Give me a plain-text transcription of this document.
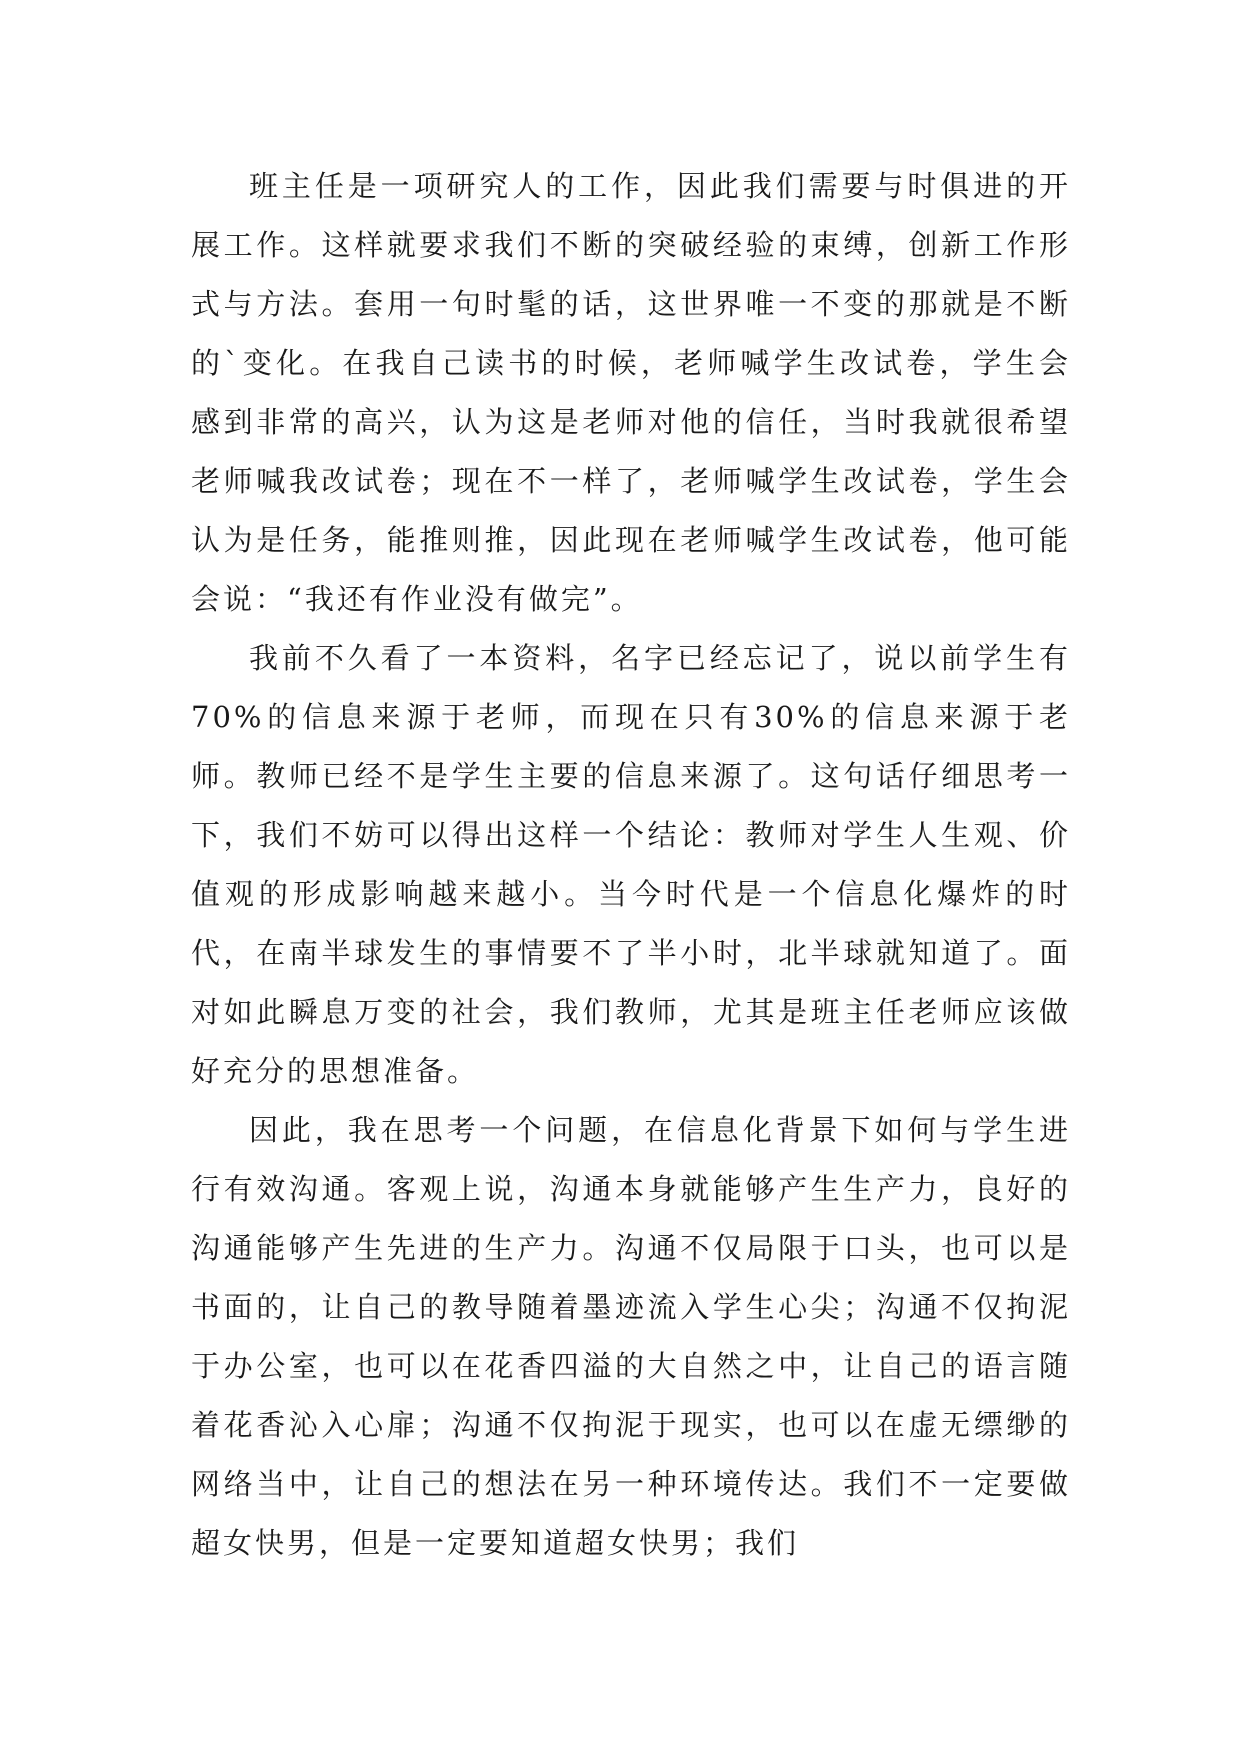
班主任是一项研究人的工作，因此我们需要与时俱进的开展工作。这样就要求我们不断的突破经验的束缚，创新工作形式与方法。套用一句时髦的话，这世界唯一不变的那就是不断的`变化。在我自己读书的时候，老师喊学生改试卷，学生会感到非常的高兴，认为这是老师对他的信任，当时我就很希望老师喊我改试卷；现在不一样了，老师喊学生改试卷，学生会认为是任务，能推则推，因此现在老师喊学生改试卷，他可能会说：“我还有作业没有做完”。

我前不久看了一本资料，名字已经忘记了，说以前学生有70%的信息来源于老师，而现在只有30%的信息来源于老师。教师已经不是学生主要的信息来源了。这句话仔细思考一下，我们不妨可以得出这样一个结论：教师对学生人生观、价值观的形成影响越来越小。当今时代是一个信息化爆炸的时代，在南半球发生的事情要不了半小时，北半球就知道了。面对如此瞬息万变的社会，我们教师，尤其是班主任老师应该做好充分的思想准备。

因此，我在思考一个问题，在信息化背景下如何与学生进行有效沟通。客观上说，沟通本身就能够产生生产力，良好的沟通能够产生先进的生产力。沟通不仅局限于口头，也可以是书面的，让自己的教导随着墨迹流入学生心尖；沟通不仅拘泥于办公室，也可以在花香四溢的大自然之中，让自己的语言随着花香沁入心扉；沟通不仅拘泥于现实，也可以在虚无缥缈的网络当中，让自己的想法在另一种环境传达。我们不一定要做超女快男，但是一定要知道超女快男；我们
